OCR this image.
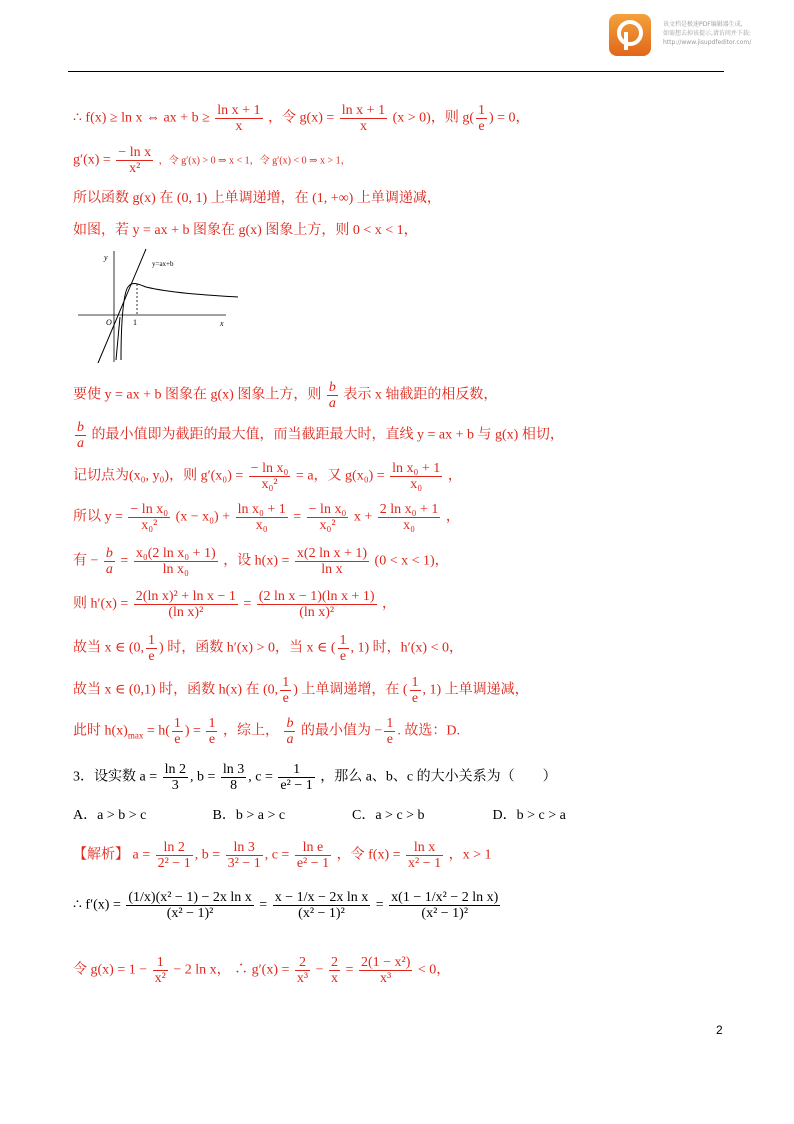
该文档是极速PDF编辑器生成,
如需想去掉该提示,请访问并下载:
http://www.jisupdfeditor.com/
∴ f(x) ≥ ln x ⇔ ax + $b \ge \frac{\text{ln x + 1}}{x}$ ，令 $g(x) = \frac{\text{ln x + 1}}{x} (x > 0)$，则 $g( \frac{1}{e}$ ) = 0，
$g'(x) = \frac{\text{− ln x}}{\text{x²}}$ ，令 g′(x) > 0 ⇒ x < 1，令 g′(x) < 0 ⇒ x > 1，
所以函数 g(x) 在 (0, 1) 上单调递增，在 (1, +∞) 上单调递减，
如图，若 y = ax + b 图象在 g(x) 图象上方，则 0 < x < 1，
y
x
O	1
y=ax+b
要使 y = ax + b 图象在 g(x) 图象上方，则 $\frac{b}{a}$ 表示 x 轴截距的相反数，
$\frac{b}{a}$ 的最小值即为截距的最大值，而当截距最大时，直线 y = ax + b 与 g(x) 相切，
记切点为(x₀, y₀)，则 $g'(x_0) = \frac{\text{− ln x₀}}{\text{x₀²}} = a$，又 $g(x_0) = \frac{\text{ln x₀ + 1}}{\text{x₀}}$ ，
所以 $y = \frac{\text{− ln x₀}}{\text{x₀²}} (x - x_0) + \frac{\text{ln x₀ + 1}}{\text{x₀}} = \frac{\text{− ln x₀}}{\text{x₀²}}$ $x + \frac{\text{2 ln x₀ + 1}}{\text{x₀}}$ ，
有 − $\frac{b}{a} = \frac{\text{x₀(2 ln x₀ + 1)}}{\text{ln x₀}}$ ，设 $h(x) = \frac{\text{x(2 ln x + 1)}}{\text{ln x}} (0 < x < 1)$，
则 $h'(x) = \frac{\text{2(ln x)² + ln x − 1}}{\text{(ln x)²}} = \frac{\text{(2 ln x − 1)(ln x + 1)}}{\text{(ln x)²}}$ ，
故当 x ∈ (0, $\frac{1}{e}$ ) 时，函数 h′(x) > 0，当 x ∈ ( $\frac{1}{e}$ , 1) 时，h′(x) < 0，
故当 x ∈ (0,1) 时，函数 h(x) 在 (0, $\frac{1}{e}$ ) 上单调递增，在 ( $\frac{1}{e}$ , 1) 上单调递减，
此时 $h(x)_{max} = h( \frac{1}{e}$ ) = $\frac{1}{e}$ ，综上， $\frac{b}{a}$ 的最小值为 − $\frac{1}{e}$ . 故选：D.
3．设实数 $a = \frac{\ln 2}{3}$ , $b = \frac{\ln 3}{8}$ , $c = \frac{1}{\text{e² − 1}}$ ，那么 a、b、c 的大小关系为（　　）
A．a > b > c	B．b > a > c	C．a > c > b	D．b > c > a
【解析】 $a = \frac{\ln 2}{\text{2² − 1}}$ , $b = \frac{\ln 3}{\text{3² − 1}}$ , $c = \frac{\text{ln e}}{\text{e² − 1}}$ ，令 $f(x) = \frac{\text{ln x}}{\text{x² − 1}}$ ，x > 1
∴ $f'(x) = \frac{\text{(1/x)(x² − 1) − 2x ln x}}{\text{(x² − 1)²}} = \frac{\text{x − 1/x − 2x ln x}}{\text{(x² − 1)²}} = \frac{\text{x(1 − 1/x² − 2 ln x)}}{\text{(x² − 1)²}}$
令 $g(x) = 1 - \frac{1}{\text{x²}} - 2$ ln x， ∴ $g'(x) = \frac{2}{\text{x³}} - \frac{2}{x} = \frac{\text{2(1 − x²)}}{\text{x³}} < 0$，
2
